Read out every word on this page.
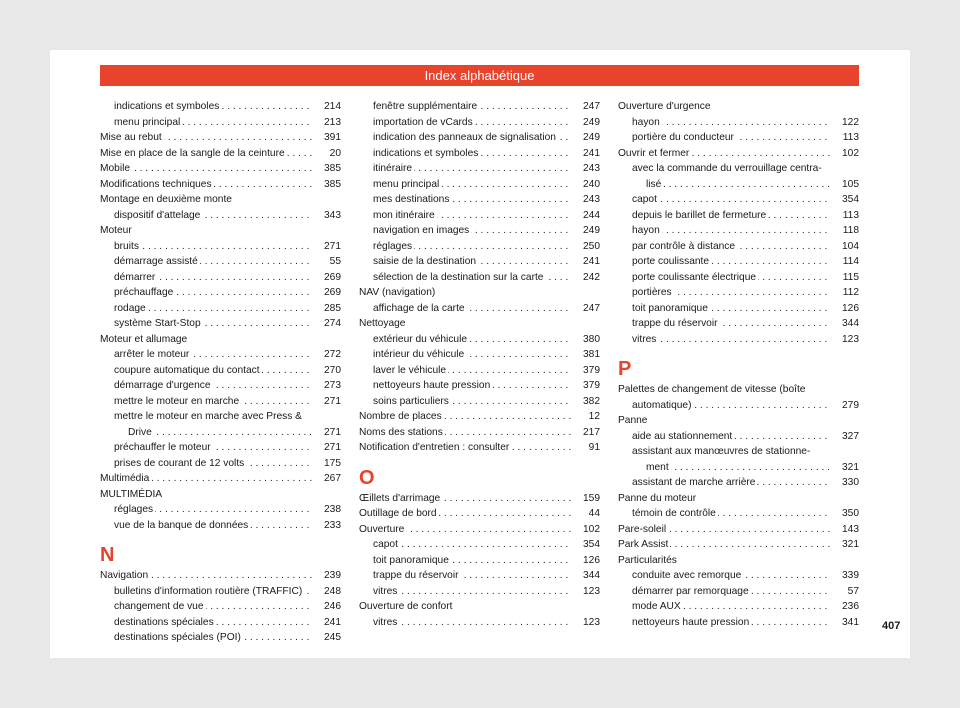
Index alphabétique
indications et symboles	214
. . .
menu principal	213
. . .
Mise au rebut	391
. . .
Mise en place de la sangle de la ceinture	20
. . .
Mobile	385
. . .
Modifications techniques	385
. . .
Montage en deuxième monte
dispositif d'attelage	343
. . .
Moteur
bruits	271
. . .
démarrage assisté	55
. . .
démarrer	269
. . .
préchauffage	269
. . .
rodage	285
. . .
système Start-Stop	274
. . .
Moteur et allumage
arrêter le moteur	272
. . .
coupure automatique du contact	270
. . .
démarrage d'urgence	273
. . .
mettre le moteur en marche	271
. . .
mettre le moteur en marche avec Press &
Drive	271
. . .
préchauffer le moteur	271
. . .
prises de courant de 12 volts	175
. . .
Multimédia	267
. . .
MULTIMÉDIA
réglages	238
. . .
vue de la banque de données	233
. . .
N
Navigation	239
. . .
bulletins d'information routière (TRAFFIC) 248
. . .
changement de vue	246
. . .
destinations spéciales	241
. . .
destinations spéciales (POI)	245
. . .
fenêtre supplémentaire	247
. . .
importation de vCards	249
. . .
indication des panneaux de signalisation	249
. . .
indications et symboles	241
. . .
itinéraire	243
. . .
menu principal	240
. . .
mes destinations	243
. . .
mon itinéraire	244
. . .
navigation en images	249
. . .
réglages	250
. . .
saisie de la destination	241
. . .
sélection de la destination sur la carte	242
. . .
NAV (navigation)
affichage de la carte	247
. . .
Nettoyage
extérieur du véhicule	380
. . .
intérieur du véhicule	381
. . .
laver le véhicule	379
. . .
nettoyeurs haute pression	379
. . .
soins particuliers	382
. . .
Nombre de places	12
. . .
Noms des stations	217
. . .
Notification d'entretien : consulter	91
. . .
O
Œillets d'arrimage	159
. . .
Outillage de bord	44
. . .
Ouverture	102
. . .
capot	354
. . .
toit panoramique	126
. . .
trappe du réservoir	344
. . .
vitres	123
. . .
Ouverture de confort
vitres	123
. . .
Ouverture d'urgence
hayon	122
. . .
portière du conducteur	113
. . .
Ouvrir et fermer	102
. . .
avec la commande du verrouillage centra-
lisé	105
. . .
capot	354
. . .
depuis le barillet de fermeture	113
. . .
hayon	118
. . .
par contrôle à distance	104
. . .
porte coulissante	114
. . .
porte coulissante électrique	115
. . .
portières	112
. . .
toit panoramique	126
. . .
trappe du réservoir	344
. . .
vitres	123
. . .
P
Palettes de changement de vitesse (boîte
automatique)	279
. . .
Panne
aide au stationnement	327
. . .
assistant aux manœuvres de stationne-
ment	321
. . .
assistant de marche arrière	330
. . .
Panne du moteur
témoin de contrôle	350
. . .
Pare-soleil	143
. . .
Park Assist	321
. . .
Particularités
conduite avec remorque	339
. . .
démarrer par remorquage	57
. . .
mode AUX	236
. . .
nettoyeurs haute pression	341
. . . 407
